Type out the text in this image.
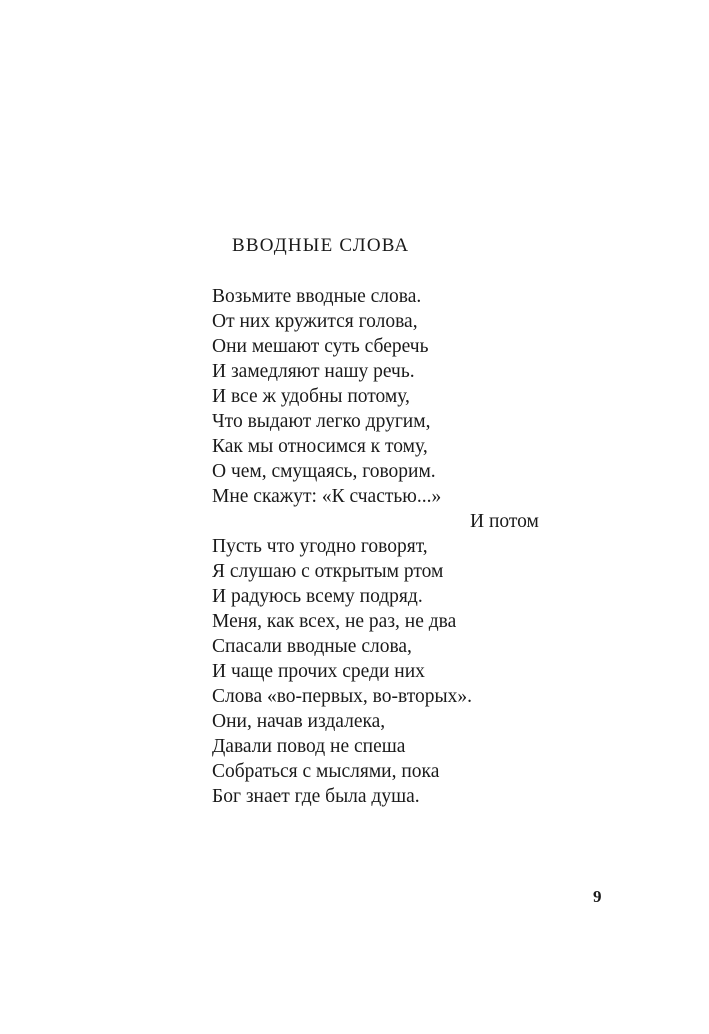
ВВОДНЫЕ СЛОВА
Возьмите вводные слова.
От них кружится голова,
Они мешают суть сберечь
И замедляют нашу речь.
И все ж удобны потому,
Что выдают легко другим,
Как мы относимся к тому,
О чем, смущаясь, говорим.
Мне скажут: «К счастью...»
И потом
Пусть что угодно говорят,
Я слушаю с открытым ртом
И радуюсь всему подряд.
Меня, как всех, не раз, не два
Спасали вводные слова,
И чаще прочих среди них
Слова «во-первых, во-вторых».
Они, начав издалека,
Давали повод не спеша
Собраться с мыслями, пока
Бог знает где была душа.
9
